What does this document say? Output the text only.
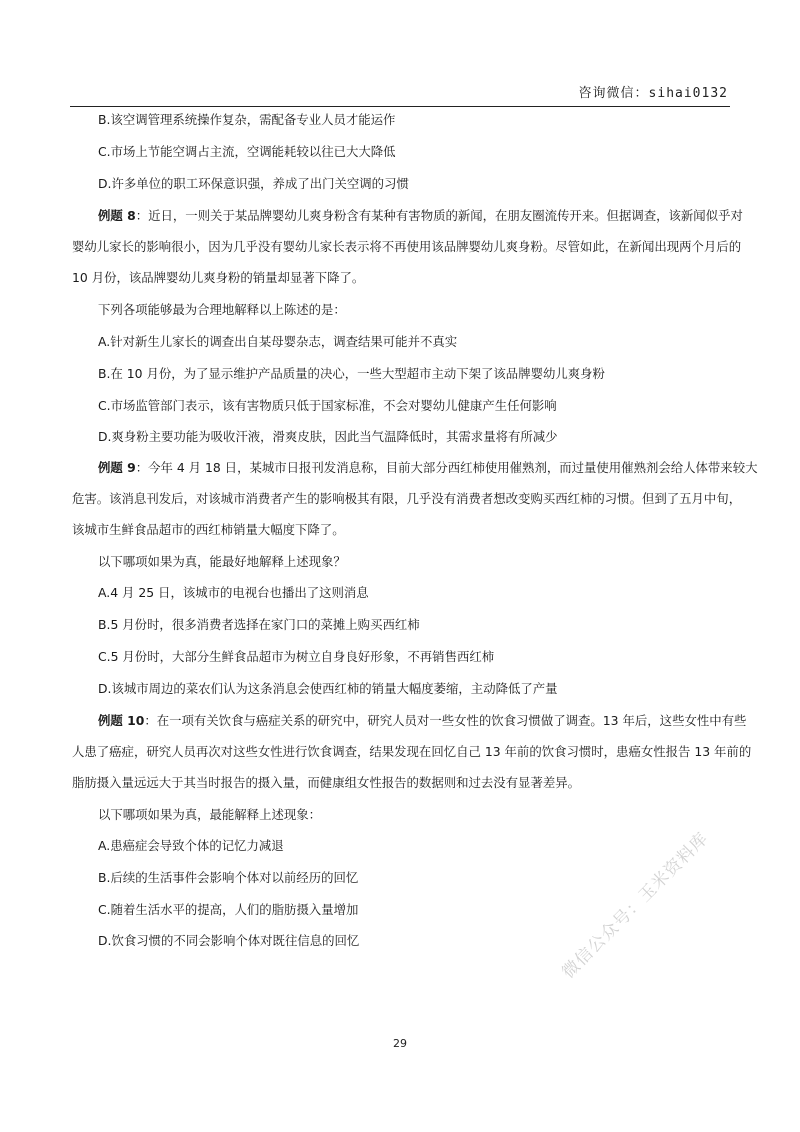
咨询微信：sihai0132
B.该空调管理系统操作复杂，需配备专业人员才能运作
C.市场上节能空调占主流，空调能耗较以往已大大降低
D.许多单位的职工环保意识强，养成了出门关空调的习惯
例题 8：近日，一则关于某品牌婴幼儿爽身粉含有某种有害物质的新闻，在朋友圈流传开来。但据调查，该新闻似乎对
婴幼儿家长的影响很小，因为几乎没有婴幼儿家长表示将不再使用该品牌婴幼儿爽身粉。尽管如此，在新闻出现两个月后的
10 月份，该品牌婴幼儿爽身粉的销量却显著下降了。
下列各项能够最为合理地解释以上陈述的是：
A.针对新生儿家长的调查出自某母婴杂志，调查结果可能并不真实
B.在 10 月份，为了显示维护产品质量的决心，一些大型超市主动下架了该品牌婴幼儿爽身粉
C.市场监管部门表示，该有害物质只低于国家标准，不会对婴幼儿健康产生任何影响
D.爽身粉主要功能为吸收汗液，滑爽皮肤，因此当气温降低时，其需求量将有所减少
例题 9：今年 4 月 18 日，某城市日报刊发消息称，目前大部分西红柿使用催熟剂，而过量使用催熟剂会给人体带来较大
危害。该消息刊发后，对该城市消费者产生的影响极其有限，几乎没有消费者想改变购买西红柿的习惯。但到了五月中旬，
该城市生鲜食品超市的西红柿销量大幅度下降了。
以下哪项如果为真，能最好地解释上述现象？
A.4 月 25 日，该城市的电视台也播出了这则消息
B.5 月份时，很多消费者选择在家门口的菜摊上购买西红柿
C.5 月份时，大部分生鲜食品超市为树立自身良好形象，不再销售西红柿
D.该城市周边的菜农们认为这条消息会使西红柿的销量大幅度萎缩，主动降低了产量
例题 10：在一项有关饮食与癌症关系的研究中，研究人员对一些女性的饮食习惯做了调查。13 年后，这些女性中有些
人患了癌症，研究人员再次对这些女性进行饮食调查，结果发现在回忆自己 13 年前的饮食习惯时，患癌女性报告 13 年前的
脂肪摄入量远远大于其当时报告的摄入量，而健康组女性报告的数据则和过去没有显著差异。
以下哪项如果为真，最能解释上述现象：
A.患癌症会导致个体的记忆力减退
B.后续的生活事件会影响个体对以前经历的回忆
C.随着生活水平的提高，人们的脂肪摄入量增加
D.饮食习惯的不同会影响个体对既往信息的回忆
29
微信公众号：玉米资料库
